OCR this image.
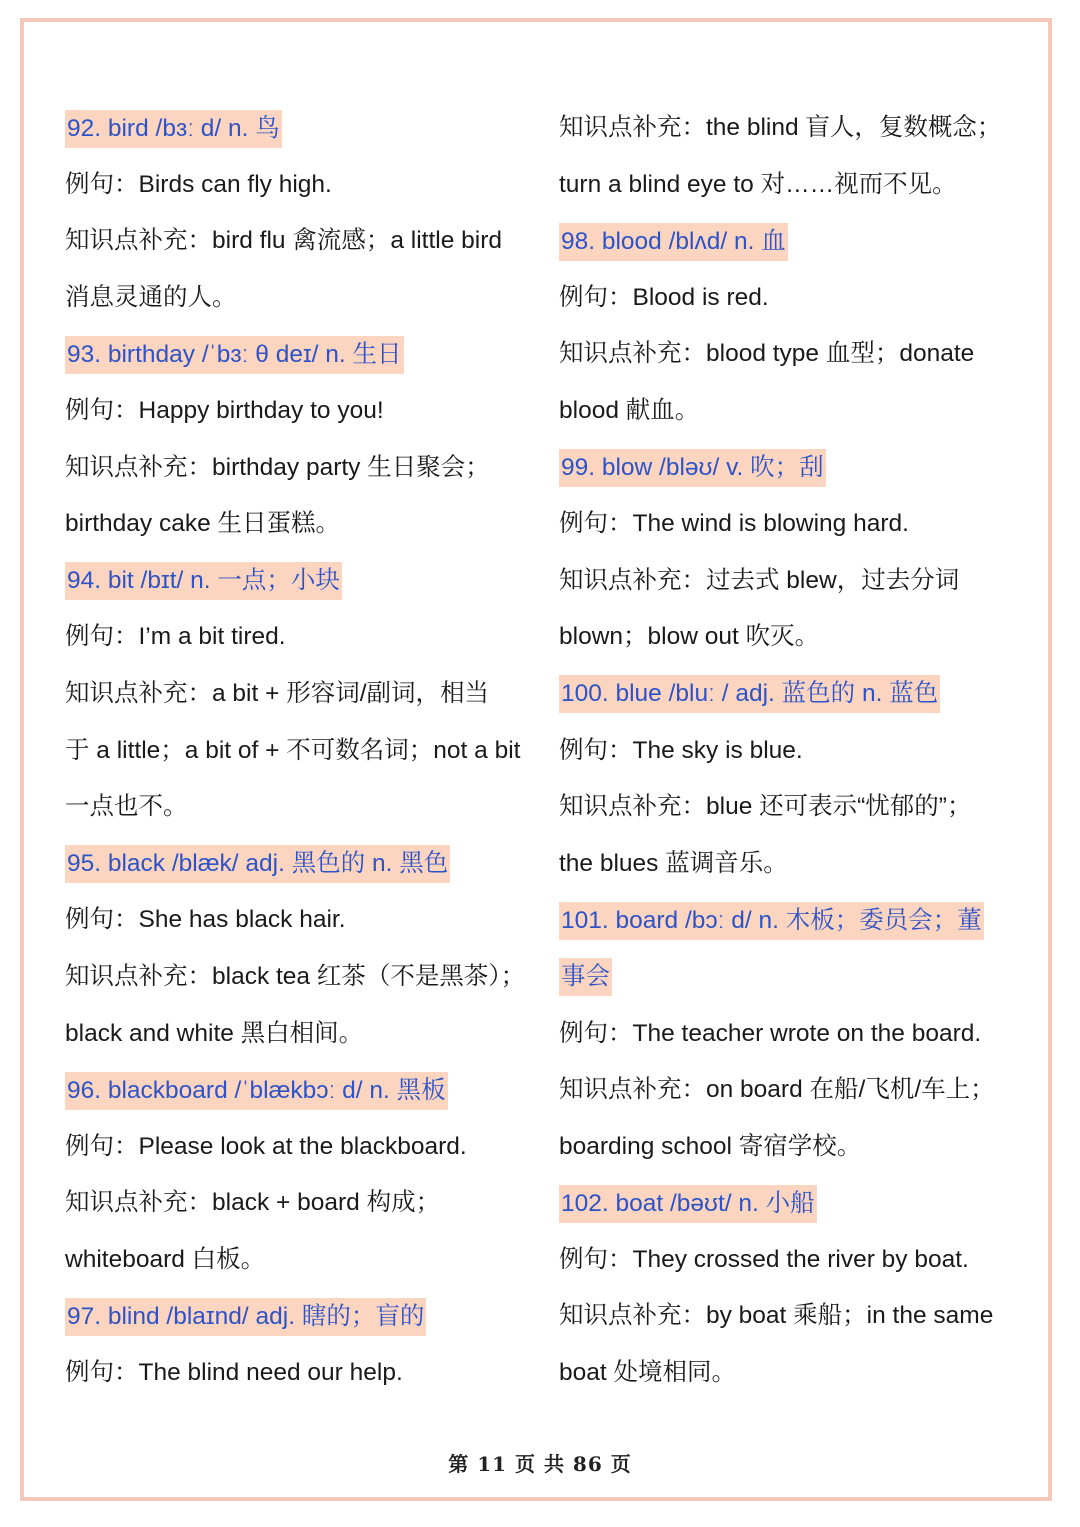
92. bird /bɜː d/ n. 鸟
例句：Birds can fly high.
知识点补充：bird flu 禽流感；a little bird
消息灵通的人。
93. birthday /ˈbɜː θ deɪ/ n. 生日
例句：Happy birthday to you!
知识点补充：birthday party 生日聚会；
birthday cake 生日蛋糕。
94. bit /bɪt/ n. 一点；小块
例句：I’m a bit tired.
知识点补充：a bit + 形容词/副词，相当
于 a little；a bit of + 不可数名词；not a bit
一点也不。
95. black /blæk/ adj. 黑色的 n. 黑色
例句：She has black hair.
知识点补充：black tea 红茶（不是黑茶）；
black and white 黑白相间。
96. blackboard /ˈblækbɔː d/ n. 黑板
例句：Please look at the blackboard.
知识点补充：black + board 构成；
whiteboard 白板。
97. blind /blaɪnd/ adj. 瞎的；盲的
例句：The blind need our help.
知识点补充：the blind 盲人，复数概念；
turn a blind eye to 对……视而不见。
98. blood /blʌd/ n. 血
例句：Blood is red.
知识点补充：blood type 血型；donate
blood 献血。
99. blow /bləʊ/ v. 吹；刮
例句：The wind is blowing hard.
知识点补充：过去式 blew，过去分词
blown；blow out 吹灭。
100. blue /bluː / adj. 蓝色的 n. 蓝色
例句：The sky is blue.
知识点补充：blue 还可表示“忧郁的”；
the blues 蓝调音乐。
101. board /bɔː d/ n. 木板；委员会；董
事会
例句：The teacher wrote on the board.
知识点补充：on board 在船/飞机/车上；
boarding school 寄宿学校。
102. boat /bəʊt/ n. 小船
例句：They crossed the river by boat.
知识点补充：by boat 乘船；in the same
boat 处境相同。
第 11 页 共 86 页
